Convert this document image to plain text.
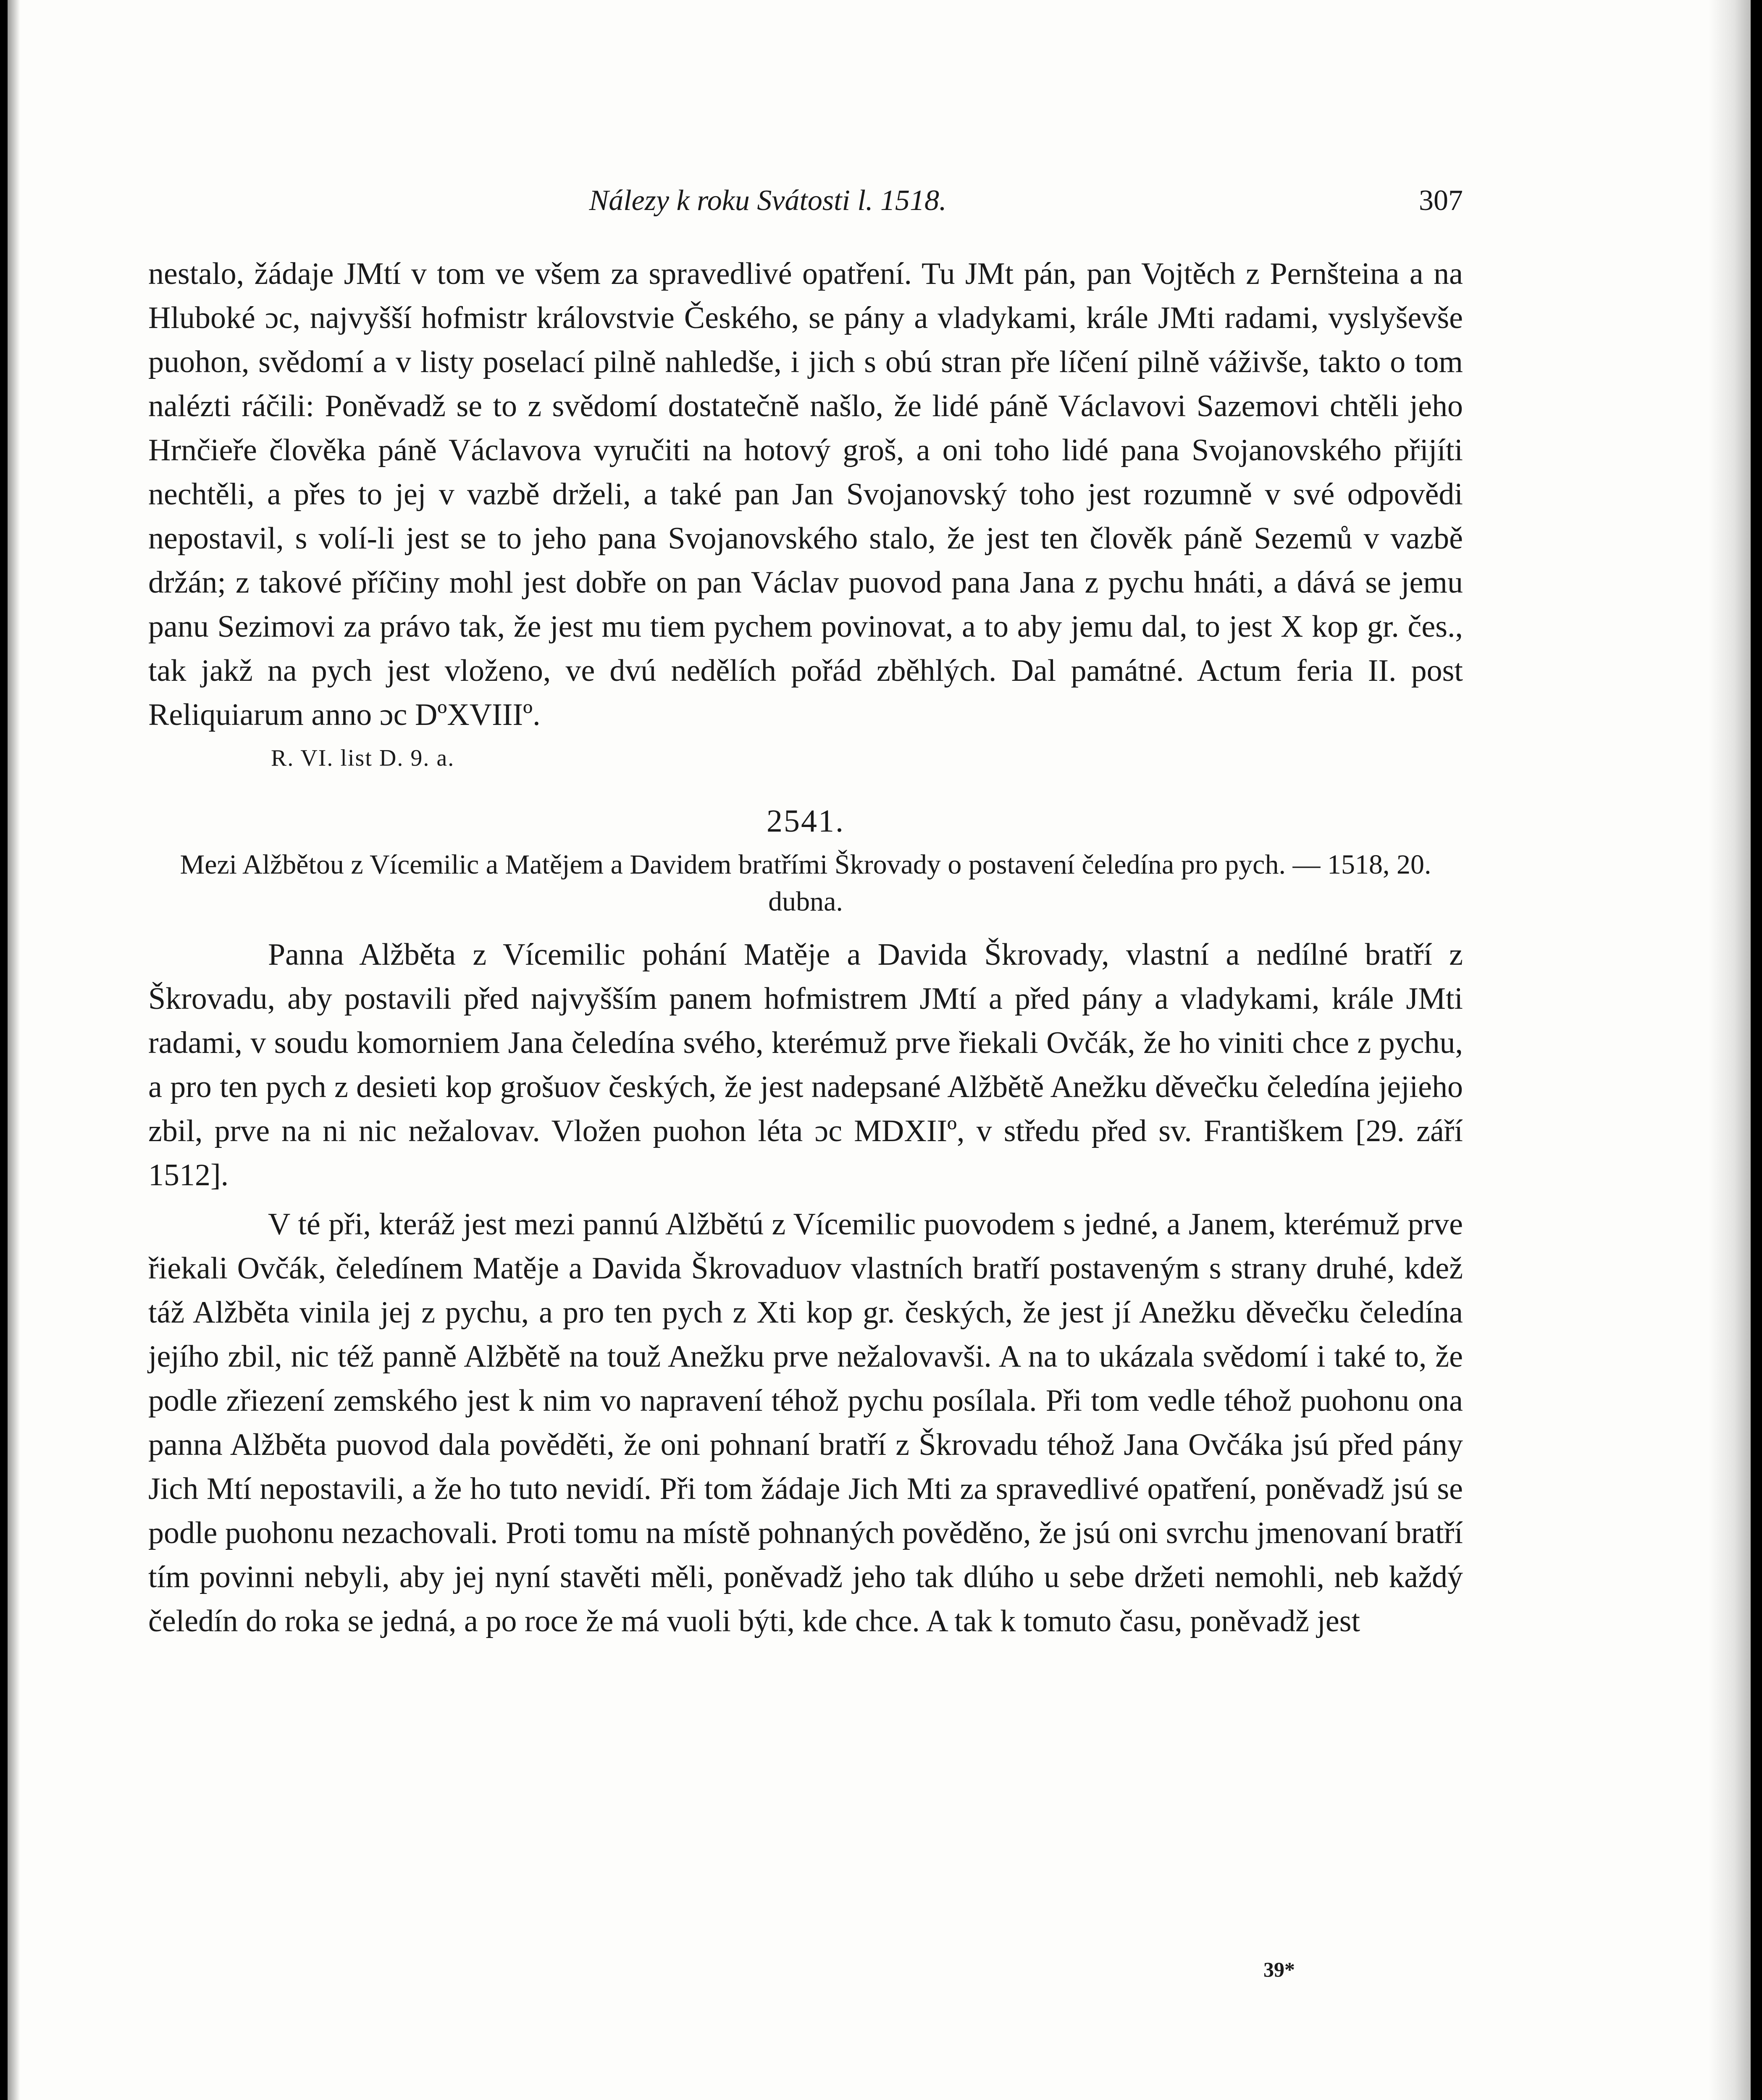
Nálezy k roku Svátosti l. 1518.	307

nestalo, žádaje JMtí v tom ve všem za spravedlivé opatření. Tu JMt pán, pan Vojtěch z Pernšteina a na Hluboké ɔc, najvyšší hofmistr královstvie Českého, se pány a vladykami, krále JMti radami, vyslyševše puohon, svědomí a v listy poselací pilně nahledše, i jich s obú stran pře líčení pilně váživše, takto o tom nalézti ráčili: Poněvadž se to z svědomí dostatečně našlo, že lidé páně Václavovi Sazemovi chtěli jeho Hrnčieře člověka páně Václavova vyručiti na hotový groš, a oni toho lidé pana Svojanovského přijíti nechtěli, a přes to jej v vazbě drželi, a také pan Jan Svojanovský toho jest rozumně v své odpovědi nepostavil, s volí-li jest se to jeho pana Svojanovského stalo, že jest ten člověk páně Sezemů v vazbě držán; z takové příčiny mohl jest dobře on pan Václav puovod pana Jana z pychu hnáti, a dává se jemu panu Sezimovi za právo tak, že jest mu tiem pychem povinovat, a to aby jemu dal, to jest X kop gr. čes., tak jakž na pych jest vloženo, ve dvú nedělích pořád zběhlých. Dal památné. Actum feria II. post Reliquiarum anno ɔc DºXVIIIº.

R. VI. list D. 9. a.
2541.
Mezi Alžbětou z Vícemilic a Matějem a Davidem bratřími Škrovady o postavení čeledína pro pych. — 1518, 20. dubna.

Panna Alžběta z Vícemilic pohání Matěje a Davida Škrovady, vlastní a nedílné bratří z Škrovadu, aby postavili před najvyšším panem hofmistrem JMtí a před pány a vladykami, krále JMti radami, v soudu komorniem Jana čeledína svého, kterémuž prve řiekali Ovčák, že ho viniti chce z pychu, a pro ten pych z desieti kop grošuov českých, že jest nadepsané Alžbětě Anežku děvečku čeledína jejieho zbil, prve na ni nic nežalovav. Vložen puohon léta ɔc MDXIIº, v středu před sv. Františkem [29. září 1512].

V té při, kteráž jest mezi pannú Alžbětú z Vícemilic puovodem s jedné, a Janem, kterémuž prve řiekali Ovčák, čeledínem Matěje a Davida Škrovaduov vlastních bratří postaveným s strany druhé, kdež táž Alžběta vinila jej z pychu, a pro ten pych z Xti kop gr. českých, že jest jí Anežku děvečku čeledína jejího zbil, nic též panně Alžbětě na touž Anežku prve nežalovavši. A na to ukázala svědomí i také to, že podle zřiezení zemského jest k nim vo napravení téhož pychu posílala. Při tom vedle téhož puohonu ona panna Alžběta puovod dala pověděti, že oni pohnaní bratří z Škrovadu téhož Jana Ovčáka jsú před pány Jich Mtí nepostavili, a že ho tuto nevidí. Při tom žádaje Jich Mti za spravedlivé opatření, poněvadž jsú se podle puohonu nezachovali. Proti tomu na místě pohnaných pověděno, že jsú oni svrchu jmenovaní bratří tím povinni nebyli, aby jej nyní stavěti měli, poněvadž jeho tak dlúho u sebe držeti nemohli, neb každý čeledín do roka se jedná, a po roce že má vuoli býti, kde chce. A tak k tomuto času, poněvadž jest

39*
